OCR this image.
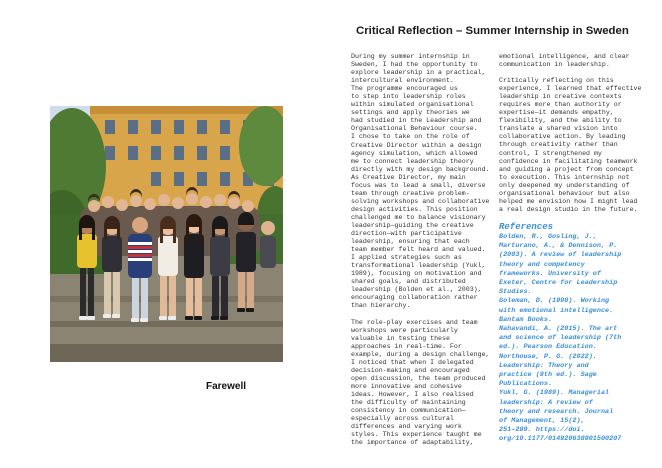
Farewell
Critical Reflection – Summer Internship in Sweden

During my summer internship in
Sweden, I had the opportunity to
explore leadership in a practical,
intercultural environment.
The programme encouraged us
to step into leadership roles
within simulated organisational
settings and apply theories we
had studied in the Leadership and
Organisational Behaviour course.
I chose to take on the role of
Creative Director within a design
agency simulation, which allowed
me to connect leadership theory
directly with my design background.
As Creative Director, my main
focus was to lead a small, diverse
team through creative problem-
solving workshops and collaborative
design activities. This position
challenged me to balance visionary
leadership—guiding the creative
direction—with participative
leadership, ensuring that each
team member felt heard and valued.
I applied strategies such as
transformational leadership (Yukl,
1989), focusing on motivation and
shared goals, and distributed
leadership (Bolden et al., 2003),
encouraging collaboration rather
than hierarchy.

The role-play exercises and team
workshops were particularly
valuable in testing these
approaches in real-time. For
example, during a design challenge,
I noticed that when I delegated
decision-making and encouraged
open discussion, the team produced
more innovative and cohesive
ideas. However, I also realised
the difficulty of maintaining
consistency in communication—
especially across cultural
differences and varying work
styles. This experience taught me
the importance of adaptability,

emotional intelligence, and clear
communication in leadership.

Critically reflecting on this
experience, I learned that effective
leadership in creative contexts
requires more than authority or
expertise—it demands empathy,
flexibility, and the ability to
translate a shared vision into
collaborative action. By leading
through creativity rather than
control, I strengthened my
confidence in facilitating teamwork
and guiding a project from concept
to execution. This internship not
only deepened my understanding of
organisational behaviour but also
helped me envision how I might lead
a real design studio in the future.

References
Bolden, R., Gosling, J.,
Marturano, A., & Dennison, P.
(2003). A review of leadership
theory and competency
frameworks. University of
Exeter, Centre for Leadership
Studies.
Goleman, D. (1998). Working
with emotional intelligence.
Bantam Books.
Nahavandi, A. (2015). The art
and science of leadership (7th
ed.). Pearson Education.
Northouse, P. G. (2022).
Leadership: Theory and
practice (9th ed.). Sage
Publications.
Yukl, G. (1989). Managerial
leadership: A review of
theory and research. Journal
of Management, 15(2),
251–289. https://doi.
org/10.1177/014920638901500207
